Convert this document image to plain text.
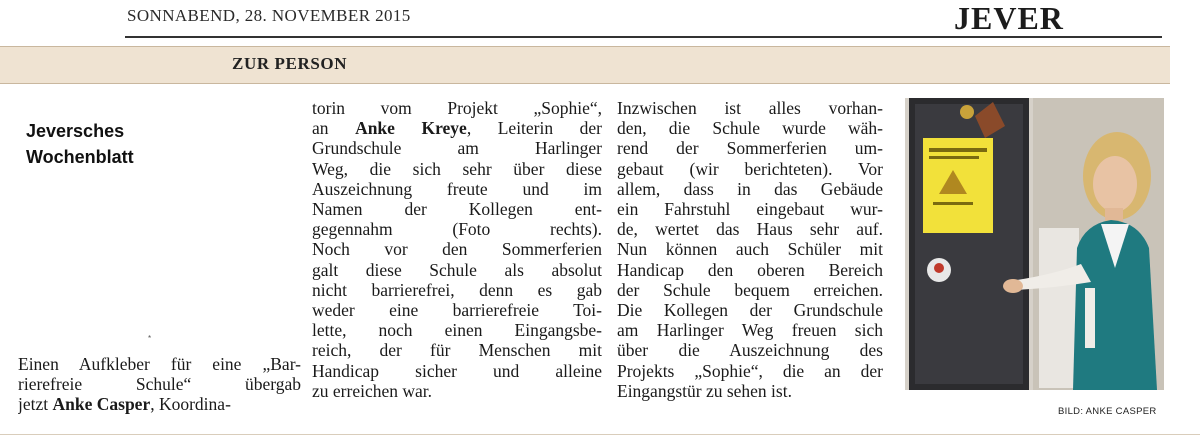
SONNABEND, 28. NOVEMBER 2015	JEVER
ZUR PERSON
Jeversches
Wochenblatt
*
Einen Aufkleber für eine „Bar-
rierefreie Schule“ übergab
jetzt Anke Casper, Koordina-
torin vom Projekt „Sophie“,
an Anke Kreye, Leiterin der
Grundschule am Harlinger
Weg, die sich sehr über diese
Auszeichnung freute und im
Namen der Kollegen ent-
gegennahm (Foto rechts).
Noch vor den Sommerferien
galt diese Schule als absolut
nicht barrierefrei, denn es gab
weder eine barrierefreie Toi-
lette, noch einen Eingangsbe-
reich, der für Menschen mit
Handicap sicher und alleine
zu erreichen war.
Inzwischen ist alles vorhan-
den, die Schule wurde wäh-
rend der Sommerferien um-
gebaut (wir berichteten). Vor
allem, dass in das Gebäude
ein Fahrstuhl eingebaut wur-
de, wertet das Haus sehr auf.
Nun können auch Schüler mit
Handicap den oberen Bereich
der Schule bequem erreichen.
Die Kollegen der Grundschule
am Harlinger Weg freuen sich
über die Auszeichnung des
Projekts „Sophie“, die an der
Eingangstür zu sehen ist.
BILD: ANKE CASPER
